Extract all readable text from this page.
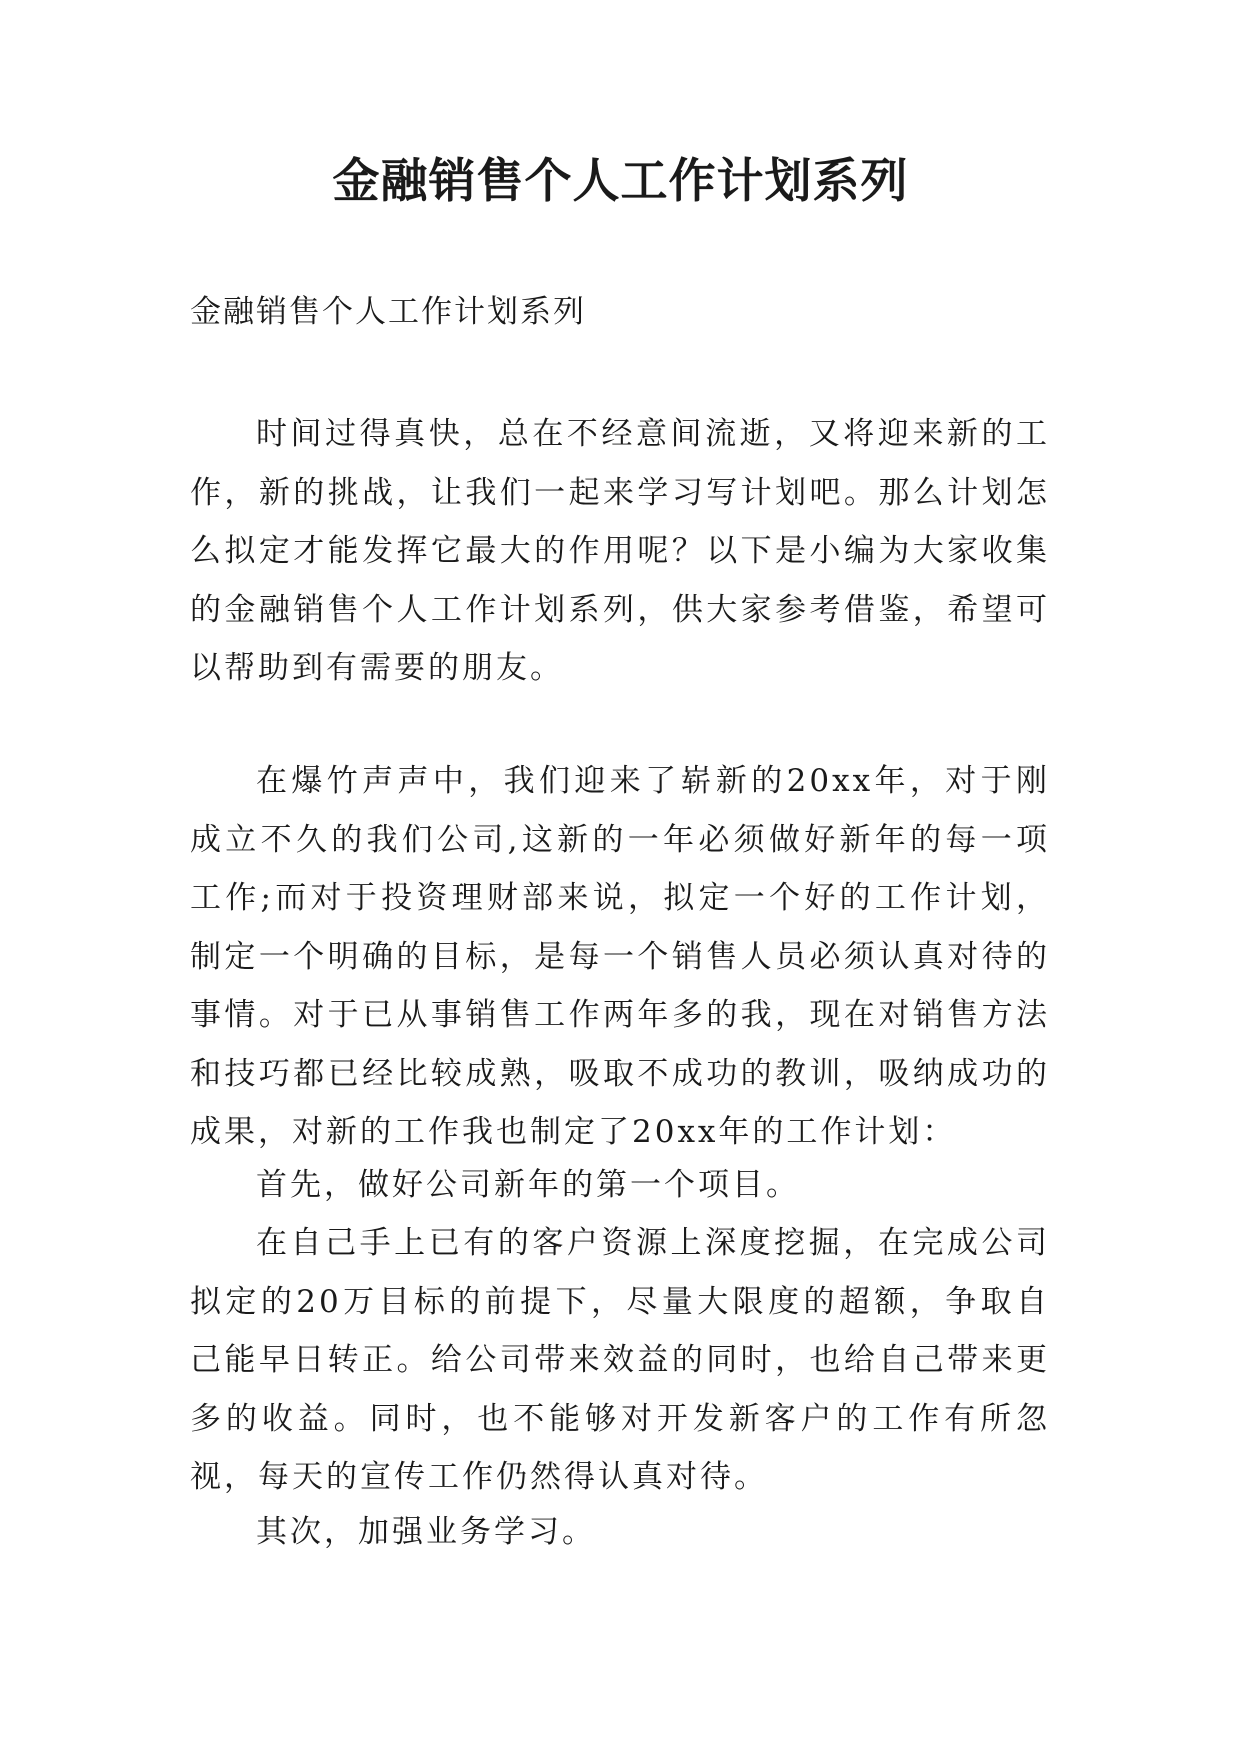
金融销售个人工作计划系列

金融销售个人工作计划系列

时间过得真快，总在不经意间流逝，又将迎来新的工作，新的挑战，让我们一起来学习写计划吧。那么计划怎么拟定才能发挥它最大的作用呢？以下是小编为大家收集的金融销售个人工作计划系列，供大家参考借鉴，希望可以帮助到有需要的朋友。

在爆竹声声中，我们迎来了崭新的20xx年，对于刚成立不久的我们公司,这新的一年必须做好新年的每一项工作;而对于投资理财部来说，拟定一个好的工作计划，制定一个明确的目标，是每一个销售人员必须认真对待的事情。对于已从事销售工作两年多的我，现在对销售方法和技巧都已经比较成熟，吸取不成功的教训，吸纳成功的成果，对新的工作我也制定了20xx年的工作计划：

首先，做好公司新年的第一个项目。

在自己手上已有的客户资源上深度挖掘，在完成公司拟定的20万目标的前提下，尽量大限度的超额，争取自己能早日转正。给公司带来效益的同时，也给自己带来更多的收益。同时，也不能够对开发新客户的工作有所忽视，每天的宣传工作仍然得认真对待。

其次，加强业务学习。
